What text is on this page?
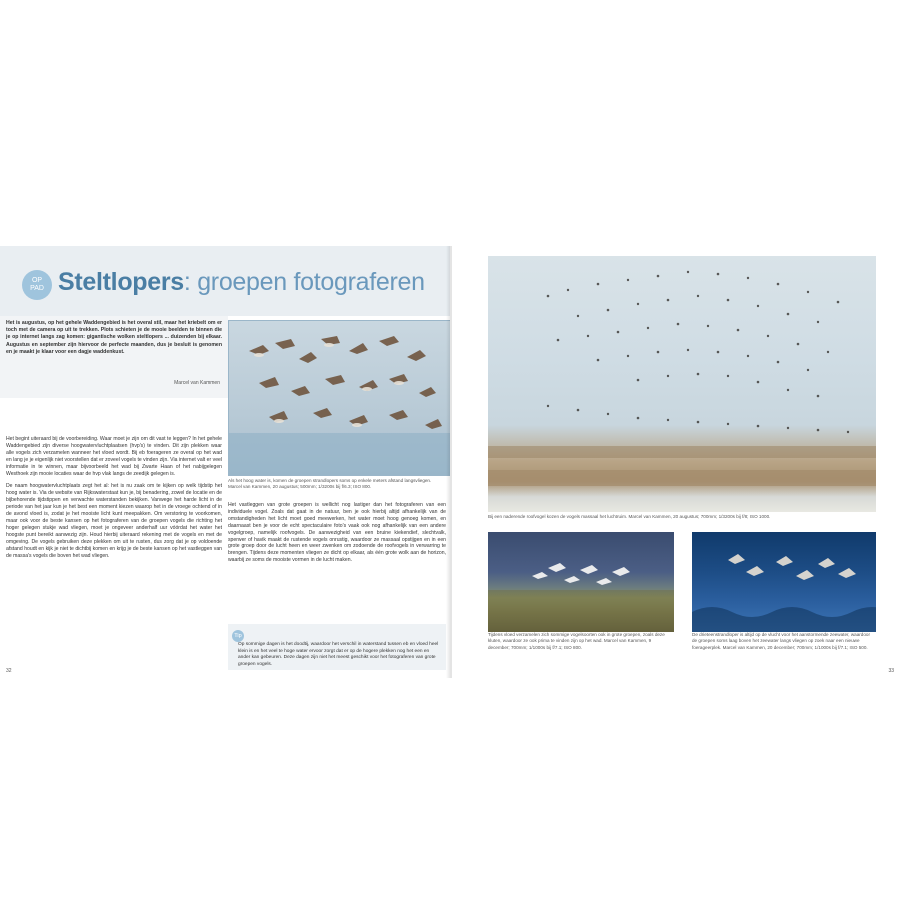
OP
PAD Steltlopers: groepen fotograferen

Het is augustus, op het gehele Waddengebied is het overal stil, maar het kriebelt om er toch met de camera op uit te trekken. Plots schieten je de mooie beelden te binnen die je op internet langs zag komen: gigantische wolken steltlopers ... duizenden bij elkaar. Augustus en september zijn hiervoor de perfecte maanden, dus je besluit is genomen en je maakt je klaar voor een dagje waddenkust.

Marcel van Kammen

Als het hoog water is, komen de groepen strandlopers soms op enkele meters afstand langsvliegen. Marcel van Kammen, 20 augustus; 500mm; 1/3200s bij f/6.3; ISO 800.

Het begint uiteraard bij de voorbereiding. Waar moet je zijn om dit vast te leggen? In het gehele Waddengebied zijn diverse hoogwatervluchtplaatsen (hvp's) te vinden. Dit zijn plekken waar alle vogels zich verzamelen wanneer het vloed wordt. Bij eb foerageren ze overal op het wad en lang je je eigenlijk niet voorstellen dat er zoveel vogels te vinden zijn. Via internet valt er veel informatie in te winnen, maar bijvoorbeeld het wad bij Zwarte Haan of het nabijgelegen Westhoek zijn mooie locaties waar de hvp vlak langs de zeedijk gelegen is.

De naam hoogwatervluchtplaats zegt het al: het is nu zaak om te kijken op welk tijdstip het hoog water is. Via de website van Rijkswaterstaat kun je, bij benadering, zowel de locatie en de bijbehorende tijdstippen en verwachte waterstanden bekijken. Vanwege het harde licht in de periode van het jaar kun je het best een moment kiezen waarop het in de vroege ochtend of in de avond vloed is, zodat je het mooiste licht kunt meepakken. Om verstoring te voorkomen, maar ook voor de beste kansen op het fotograferen van de groepen vogels die richting het hoger gelegen stukje wad vliegen, moet je ongeveer anderhalf uur vóórdat het water het hoogste punt bereikt aanwezig zijn. Houd hierbij uiteraard rekening met de vogels en met de omgeving. De vogels gebruiken deze plekken om uit te rusten, dus zorg dat je op voldoende afstand houdt en kijk je niet te dichtbij komen en krijg je de beste kansen op het vastleggen van de massa's vogels die boven het wad vliegen.

Het vastleggen van grote groepen is wellicht nog lastiger dan het fotograferen van een individuele vogel. Zoals dat gaat in de natuur, ben je ook hierbij altijd afhankelijk van de omstandigheden het licht moet goed meewerken, het water moet hoog genoeg komen, en daarnaast ben je voor de echt spectaculaire foto's vaak ook nog afhankelijk van een andere vogelgroep, namelijk roofvogels. De aanwezigheid van een bruine kiekendief, slechtvalk, sperwer of havik maakt de rustende vogels onrustig, waardoor ze massaal opstijgen en in een grote groep door de lucht heen en weer zwenken om zodoende de roofvogels in verwarring te brengen. Tijdens deze momenten vliegen ze dicht op elkaar, als één grote wolk aan de horizon, waarbij ze soms de mooiste vormen in de lucht maken.

Tip

Op sommige dagen is het doodtij, waardoor het verschil in waterstand tussen eb en vloed heel klein is en het veel te hoge water ervoor zorgt dat er op de hogere plekken nog het een en ander kan gebeuren. Deze dagen zijn niet het meest geschikt voor het fotograferen van grote groepen vogels.

32

Bij een naderende roofvogel kozen de vogels massaal het luchtruim. Marcel van Kammen, 20 augustus; 700mm; 1/3200s bij f/8; ISO 1000.

Tijdens vloed verzamelen zich sommige vogelsoorten ook in grote groepen, zoals deze kluten, waardoor ze ook prima te vinden zijn op het wad. Marcel van Kammen, 9 december; 700mm; 1/1000s bij f/7.1; ISO 800.

De drieteenstrandloper is altijd op de vlucht voor het aanstormende zeewater, waardoor de groepen soms laag boven het zeewater langs vliegen op zoek naar een nieuwe foerageerplek. Marcel van Kammen, 20 december; 700mm; 1/1000s bij f/7.1; ISO 500.

33
